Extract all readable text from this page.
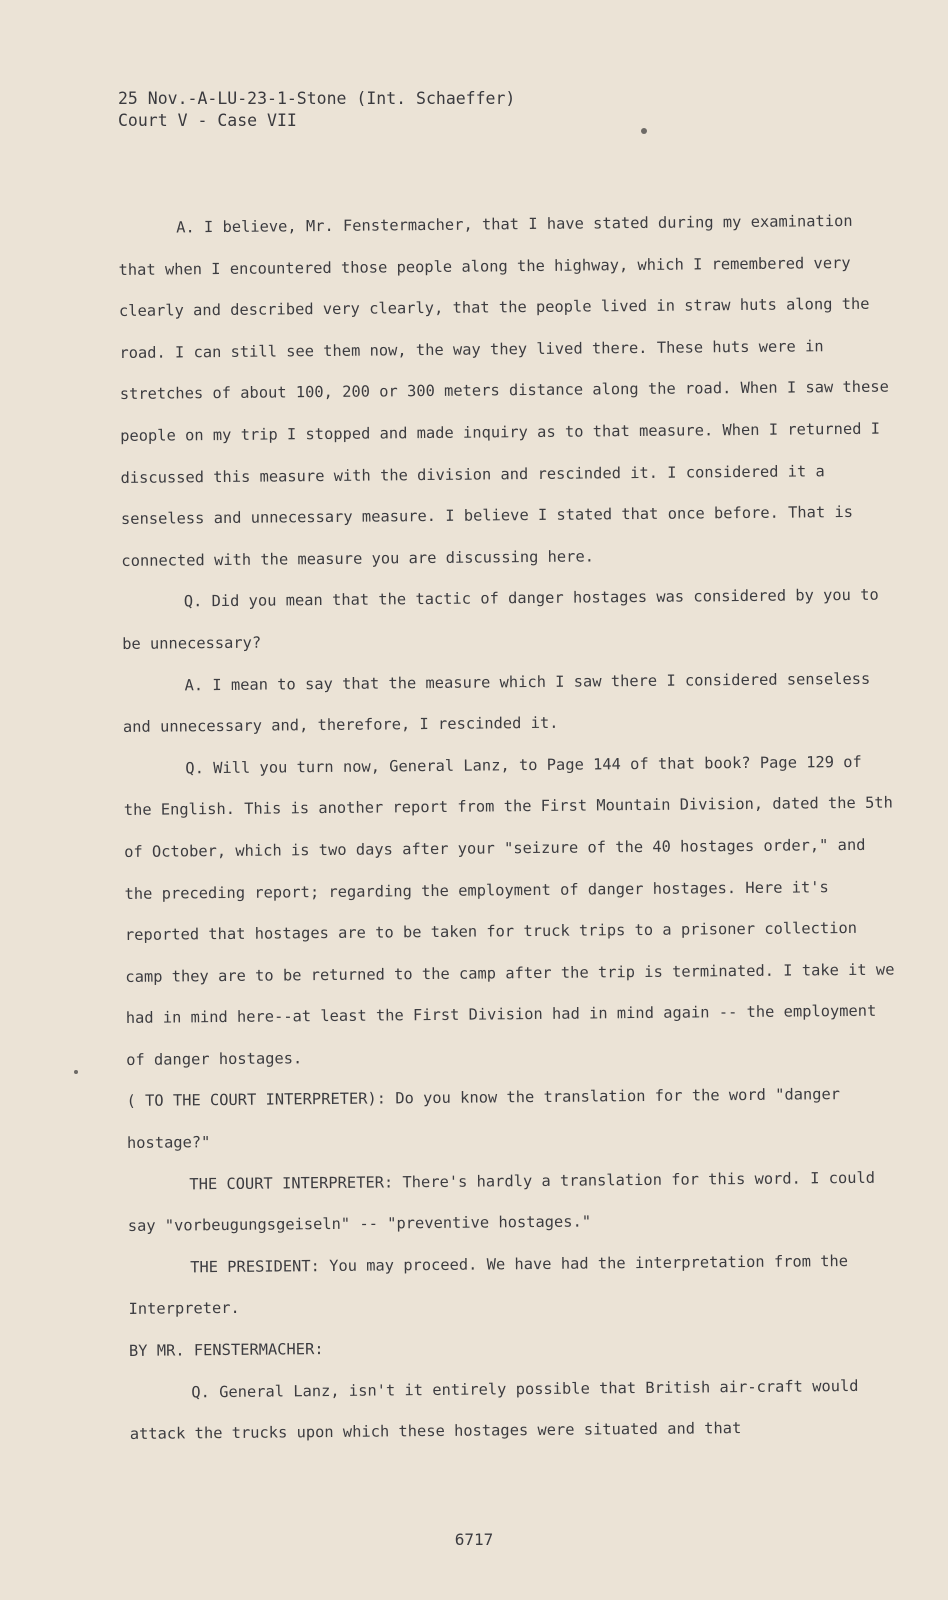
25 Nov.-A-LU-23-1-Stone (Int. Schaeffer)
Court V - Case VII

A. I believe, Mr. Fenstermacher, that I have stated during my examination that when I encountered those people along the highway, which I remembered very clearly and described very clearly, that the people lived in straw huts along the road. I can still see them now, the way they lived there. These huts were in stretches of about 100, 200 or 300 meters distance along the road. When I saw these people on my trip I stopped and made inquiry as to that measure. When I returned I discussed this measure with the division and rescinded it. I considered it a senseless and unnecessary measure. I believe I stated that once before. That is connected with the measure you are discussing here.

Q. Did you mean that the tactic of danger hostages was considered by you to be unnecessary?

A. I mean to say that the measure which I saw there I considered senseless and unnecessary and, therefore, I rescinded it.

Q. Will you turn now, General Lanz, to Page 144 of that book? Page 129 of the English. This is another report from the First Mountain Division, dated the 5th of October, which is two days after your "seizure of the 40 hostages order," and the preceding report; regarding the employment of danger hostages. Here it's reported that hostages are to be taken for truck trips to a prisoner collection camp they are to be returned to the camp after the trip is terminated. I take it we had in mind here--at least the First Division had in mind again -- the employment of danger hostages.

( TO THE COURT INTERPRETER): Do you know the translation for the word "danger hostage?"

THE COURT INTERPRETER: There's hardly a translation for this word. I could say "vorbeugungsgeiseln" -- "preventive hostages."

THE PRESIDENT: You may proceed. We have had the interpretation from the Interpreter.

BY MR. FENSTERMACHER:

Q. General Lanz, isn't it entirely possible that British air-craft would attack the trucks upon which these hostages were situated and that

6717
